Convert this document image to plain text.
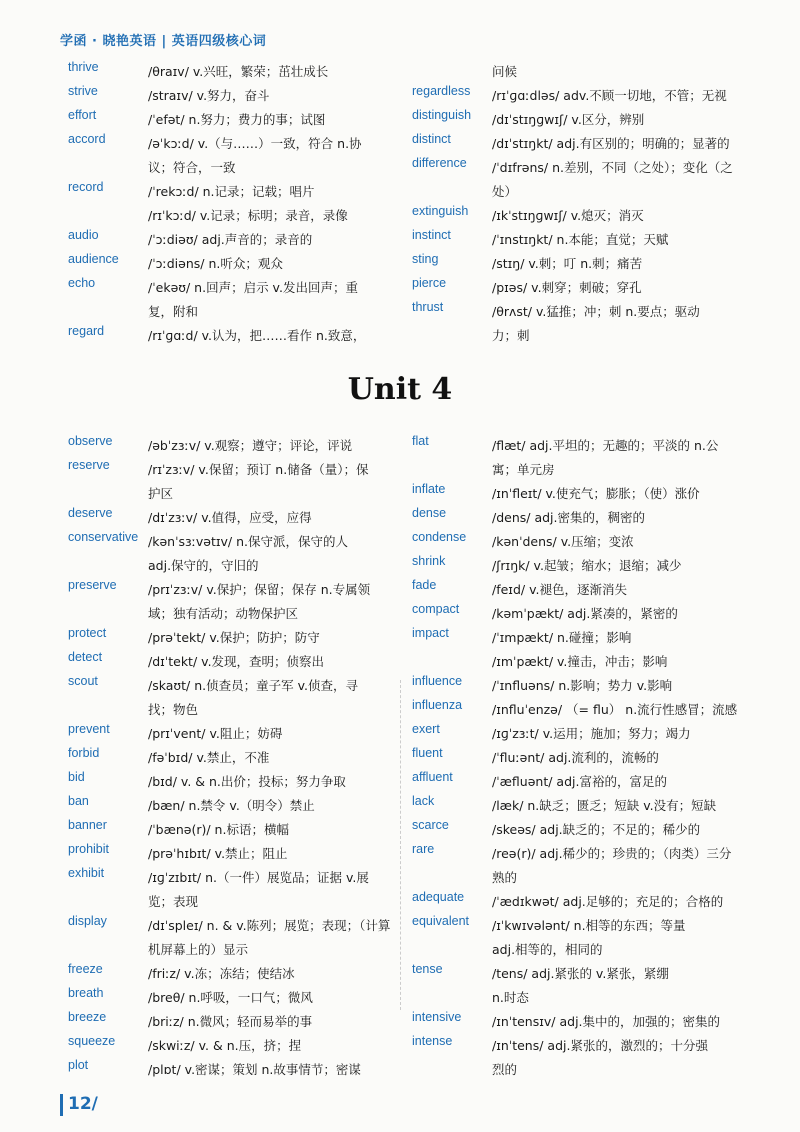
学函 · 晓艳英语 | 英语四级核心词
thrive	/θraɪv/ v.兴旺，繁荣；茁壮成长
strive	/straɪv/ v.努力，奋斗
effort	/ˈefət/ n.努力；费力的事；试图
accord	/əˈkɔːd/ v.（与……）一致，符合 n.协
议；符合，一致
record	/ˈrekɔːd/ n.记录；记载；唱片
/rɪˈkɔːd/ v.记录；标明；录音，录像
audio	/ˈɔːdiəʊ/ adj.声音的；录音的
audience /ˈɔːdiəns/ n.听众；观众
echo	/ˈekəʊ/ n.回声；启示 v.发出回声；重
复，附和
regard	/rɪˈɡɑːd/ v.认为，把……看作 n.致意，
问候
regardless /rɪˈɡɑːdləs/ adv.不顾一切地，不管；无视
distinguish /dɪˈstɪŋɡwɪʃ/ v.区分，辨别
distinct	/dɪˈstɪŋkt/ adj.有区别的；明确的；显著的
difference /ˈdɪfrəns/ n.差别，不同（之处）；变化（之
处）
extinguish /ɪkˈstɪŋɡwɪʃ/ v.熄灭；消灭
instinct	/ˈɪnstɪŋkt/ n.本能；直觉；天赋
sting	/stɪŋ/ v.刺；叮 n.刺；痛苦
pierce	/pɪəs/ v.刺穿；刺破；穿孔
thrust	/θrʌst/ v.猛推；冲；刺 n.要点；驱动
力；刺
Unit 4
observe	/əbˈzɜːv/ v.观察；遵守；评论，评说
reserve	/rɪˈzɜːv/ v.保留；预订 n.储备（量）；保
护区
deserve	/dɪˈzɜːv/ v.值得，应受，应得
conservative /kənˈsɜːvətɪv/ n.保守派，保守的人
adj.保守的，守旧的
preserve	/prɪˈzɜːv/ v.保护；保留；保存 n.专属领
域；独有活动；动物保护区
protect	/prəˈtekt/ v.保护；防护；防守
detect	/dɪˈtekt/ v.发现，查明；侦察出
scout	/skaʊt/ n.侦查员；童子军 v.侦查，寻
找；物色
prevent	/prɪˈvent/ v.阻止；妨碍
forbid	/fəˈbɪd/ v.禁止，不准
bid	/bɪd/ v. & n.出价；投标；努力争取
ban	/bæn/ n.禁令 v.（明令）禁止
banner	/ˈbænə(r)/ n.标语；横幅
prohibit	/prəˈhɪbɪt/ v.禁止；阻止
exhibit	/ɪɡˈzɪbɪt/ n.（一件）展览品；证据 v.展
览；表现
display	/dɪˈspleɪ/ n. & v.陈列；展览；表现；（计算
机屏幕上的）显示
freeze	/friːz/ v.冻；冻结；使结冰
breath	/breθ/ n.呼吸，一口气；微风
breeze	/briːz/ n.微风；轻而易举的事
squeeze	/skwiːz/ v. & n.压，挤；捏
plot	/plɒt/ v.密谋；策划 n.故事情节；密谋
flat	/flæt/ adj.平坦的；无趣的；平淡的 n.公
寓；单元房
inflate	/ɪnˈfleɪt/ v.使充气；膨胀；（使）涨价
dense	/dens/ adj.密集的，稠密的
condense /kənˈdens/ v.压缩；变浓
shrink	/ʃrɪŋk/ v.起皱；缩水；退缩；减少
fade	/feɪd/ v.褪色，逐渐消失
compact	/kəmˈpækt/ adj.紧凑的，紧密的
impact	/ˈɪmpækt/ n.碰撞；影响
/ɪmˈpækt/ v.撞击，冲击；影响
influence /ˈɪnfluəns/ n.影响；势力 v.影响
influenza /ɪnfluˈenzə/ （= flu） n.流行性感冒；流感
exert	/ɪɡˈzɜːt/ v.运用；施加；努力；竭力
fluent	/ˈfluːənt/ adj.流利的，流畅的
affluent	/ˈæfluənt/ adj.富裕的，富足的
lack	/læk/ n.缺乏；匮乏；短缺 v.没有；短缺
scarce	/skeəs/ adj.缺乏的；不足的；稀少的
rare	/reə(r)/ adj.稀少的；珍贵的；（肉类）三分
熟的
adequate /ˈædɪkwət/ adj.足够的；充足的；合格的
equivalent /ɪˈkwɪvələnt/ n.相等的东西；等量
adj.相等的，相同的
tense	/tens/ adj.紧张的 v.紧张，紧绷
n.时态
intensive /ɪnˈtensɪv/ adj.集中的，加强的；密集的
intense	/ɪnˈtens/ adj.紧张的，激烈的；十分强
烈的
12/
